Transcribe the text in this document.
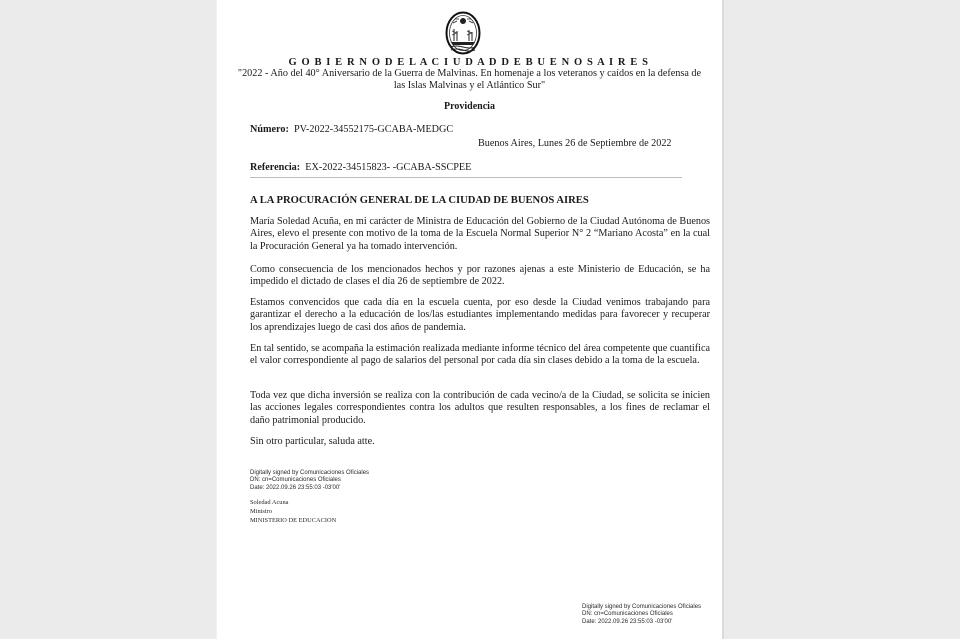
G O B I E R N O D E L A C I U D A D D E B U E N O S A I R E S
"2022 - Año del 40° Aniversario de la Guerra de Malvinas. En homenaje a los veteranos y caídos en la defensa de las Islas Malvinas y el Atlántico Sur"
Providencia
Número: PV-2022-34552175-GCABA-MEDGC
Buenos Aires, Lunes 26 de Septiembre de 2022
Referencia: EX-2022-34515823- -GCABA-SSCPEE
A LA PROCURACIÓN GENERAL DE LA CIUDAD DE BUENOS AIRES
María Soledad Acuña, en mi carácter de Ministra de Educación del Gobierno de la Ciudad Autónoma de Buenos Aires, elevo el presente con motivo de la toma de la Escuela Normal Superior N° 2 “Mariano Acosta” en la cual la Procuración General ya ha tomado intervención.
Como consecuencia de los mencionados hechos y por razones ajenas a este Ministerio de Educación, se ha impedido el dictado de clases el día 26 de septiembre de 2022.
Estamos convencidos que cada día en la escuela cuenta, por eso desde la Ciudad venimos trabajando para garantizar el derecho a la educación de los/las estudiantes implementando medidas para favorecer y recuperar los aprendizajes luego de casi dos años de pandemia.
En tal sentido, se acompaña la estimación realizada mediante informe técnico del área competente que cuantifica el valor correspondiente al pago de salarios del personal por cada día sin clases debido a la toma de la escuela.
Toda vez que dicha inversión se realiza con la contribución de cada vecino/a de la Ciudad, se solicita se inicien las acciones legales correspondientes contra los adultos que resulten responsables, a los fines de reclamar el daño patrimonial producido.
Sin otro particular, saluda atte.
Digitally signed by Comunicaciones Oficiales
DN: cn=Comunicaciones Oficiales
Date: 2022.09.26 23:55:03 -03'00'
Soledad Acuna
Ministro
MINISTERIO DE EDUCACION
Digitally signed by Comunicaciones Oficiales
DN: cn=Comunicaciones Oficiales
Date: 2022.09.26 23:55:03 -03'00'
